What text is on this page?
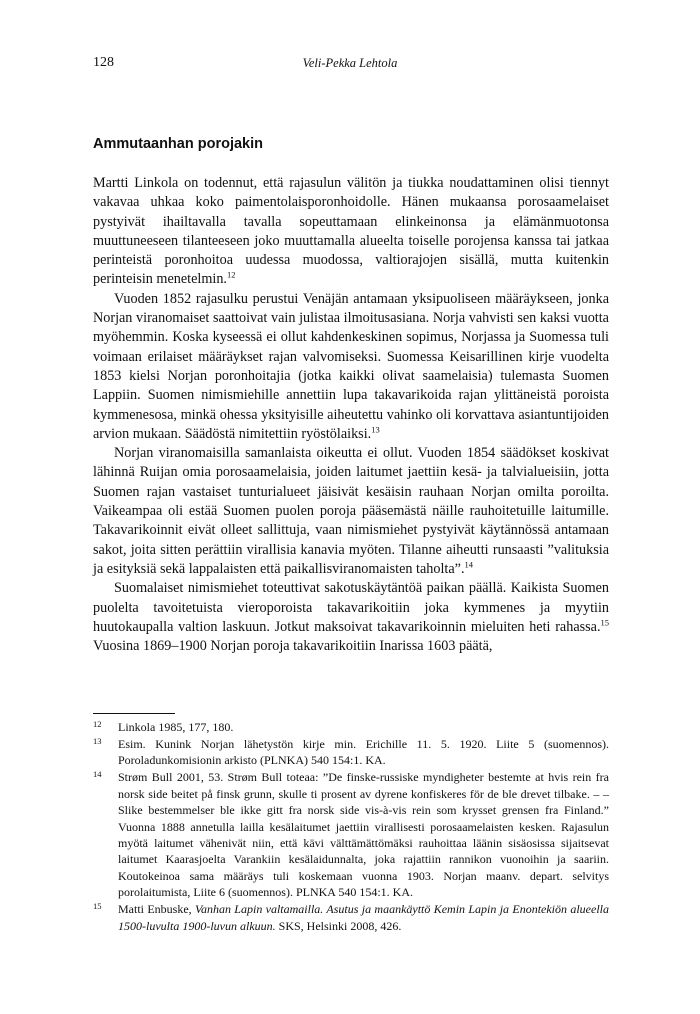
128	Veli-Pekka Lehtola
Ammutaanhan porojakin

Martti Linkola on todennut, että rajasulun välitön ja tiukka noudattaminen olisi tiennyt vakavaa uhkaa koko paimentolaisporonhoidolle. Hänen mukaansa porosaamelaiset pystyivät ihailtavalla tavalla sopeuttamaan elinkeinonsa ja elämänmuotonsa muuttuneeseen tilanteeseen joko muuttamalla alueelta toiselle porojensa kanssa tai jatkaa perinteistä poronhoitoa uudessa muodossa, valtiorajojen sisällä, mutta kuitenkin perinteisin menetelmin.$^{12}$

Vuoden 1852 rajasulku perustui Venäjän antamaan yksipuoliseen määräykseen, jonka Norjan viranomaiset saattoivat vain julistaa ilmoitusasiana. Norja vahvisti sen kaksi vuotta myöhemmin. Koska kyseessä ei ollut kahdenkeskinen sopimus, Norjassa ja Suomessa tuli voimaan erilaiset määräykset rajan valvomiseksi. Suomessa Keisarillinen kirje vuodelta 1853 kielsi Norjan poronhoitajia (jotka kaikki olivat saamelaisia) tulemasta Suomen Lappiin. Suomen nimismiehille annettiin lupa takavarikoida rajan ylittäneistä poroista kymmenesosa, minkä ohessa yksityisille aiheutettu vahinko oli korvattava asiantuntijoiden arvion mukaan. Säädöstä nimitettiin ryöstölaiksi.$^{13}$

Norjan viranomaisilla samanlaista oikeutta ei ollut. Vuoden 1854 säädökset koskivat lähinnä Ruijan omia porosaamelaisia, joiden laitumet jaettiin kesä- ja talvialueisiin, jotta Suomen rajan vastaiset tunturialueet jäisivät kesäisin rauhaan Norjan omilta poroilta. Vaikeampaa oli estää Suomen puolen poroja pääsemästä näille rauhoitetuille laitumille. Takavarikoinnit eivät olleet sallittuja, vaan nimismiehet pystyivät käytännössä antamaan sakot, joita sitten perättiin virallisia kanavia myöten. Tilanne aiheutti runsaasti ”valituksia ja esityksiä sekä lappalaisten että paikallisviranomaisten taholta”.$^{14}$

Suomalaiset nimismiehet toteuttivat sakotuskäytäntöä paikan päällä. Kaikista Suomen puolelta tavoitetuista vieroporoista takavarikoitiin joka kymmenes ja myytiin huutokaupalla valtion laskuun. Jotkut maksoivat takavarikoinnin mieluiten heti rahassa.$^{15}$ Vuosina 1869–1900 Norjan poroja takavarikoitiin Inarissa 1603 päätä,

12	Linkola 1985, 177, 180.
13	Esim. Kunink Norjan lähetystön kirje min. Erichille 11. 5. 1920. Liite 5 (suomennos). Poroladunkomisionin arkisto (PLNKA) 540 154:1. KA.
14	Strøm Bull 2001, 53. Strøm Bull toteaa: ”De finske-russiske myndigheter bestemte at hvis rein fra norsk side beitet på finsk grunn, skulle ti prosent av dyrene konfiskeres för de ble drevet tilbake. – – Slike bestemmelser ble ikke gitt fra norsk side vis-à-vis rein som krysset grensen fra Finland.” Vuonna 1888 annetulla lailla kesälaitumet jaettiin virallisesti porosaamelaisten kesken. Rajasulun myötä laitumet vähenivät niin, että kävi välttämättömäksi rauhoittaa läänin sisäosissa sijaitsevat laitumet Kaarasjoelta Varankiin kesälaidunnalta, joka rajattiin rannikon vuonoihin ja saariin. Koutokeinoa sama määräys tuli koskemaan vuonna 1903. Norjan maanv. depart. selvitys porolaitumista, Liite 6 (suomennos). PLNKA 540 154:1. KA.
15	Matti Enbuske, Vanhan Lapin valtamailla. Asutus ja maankäyttö Kemin Lapin ja Enontekiön alueella 1500-luvulta 1900-luvun alkuun. SKS, Helsinki 2008, 426.
